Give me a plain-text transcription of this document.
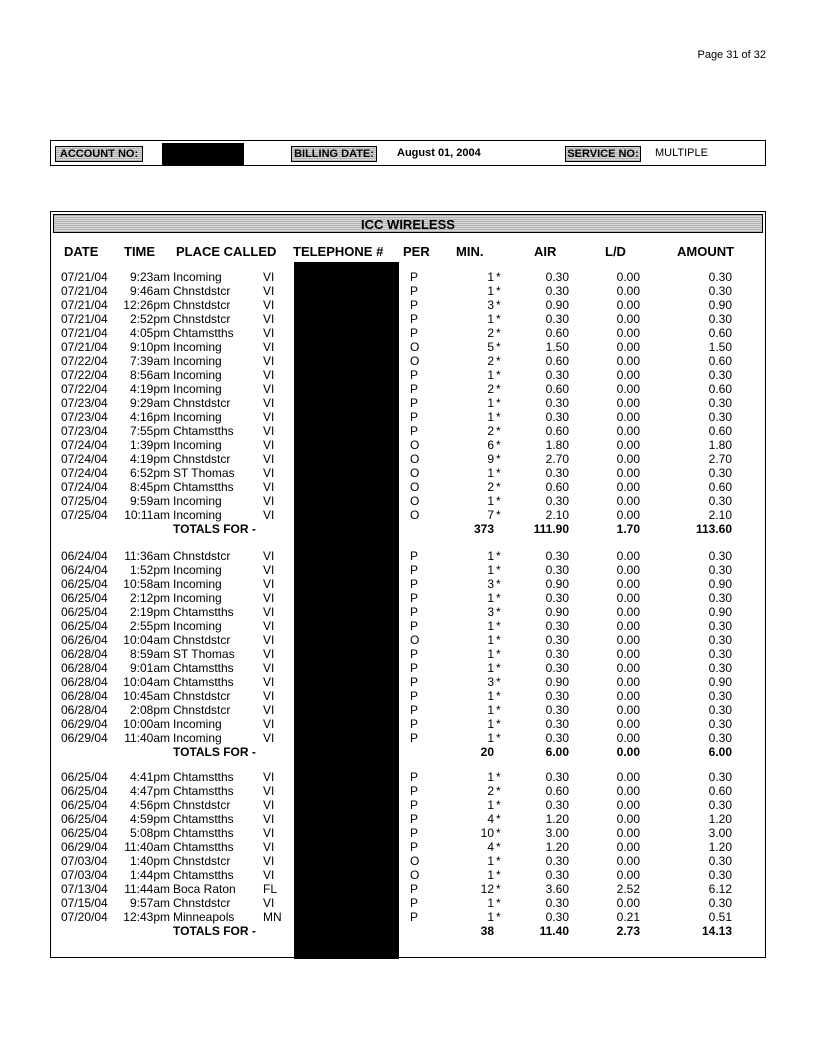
Page 31 of 32
ACCOUNT NO:	BILLING DATE: August 01, 2004	SERVICE NO: MULTIPLE
ICC WIRELESS
DATE TIME PLACE CALLED TELEPHONE # PER MIN.	AIR	L/D	AMOUNT
07/21/04 9:23am Incoming	VI	P	1 *	0.30	0.00	0.30
07/21/04 9:46am Chnstdstcr	VI	P	1 *	0.30	0.00	0.30
07/21/04 12:26pm Chnstdstcr	VI	P	3 *	0.90	0.00	0.90
07/21/04 2:52pm Chnstdstcr	VI	P	1 *	0.30	0.00	0.30
07/21/04 4:05pm Chtamstths VI	P	2 *	0.60	0.00	0.60
07/21/04 9:10pm Incoming	VI	O	5 *	1.50	0.00	1.50
07/22/04 7:39am Incoming	VI	O	2 *	0.60	0.00	0.60
07/22/04 8:56am Incoming	VI	P	1 *	0.30	0.00	0.30
07/22/04 4:19pm Incoming	VI	P	2 *	0.60	0.00	0.60
07/23/04 9:29am Chnstdstcr	VI	P	1 *	0.30	0.00	0.30
07/23/04 4:16pm Incoming	VI	P	1 *	0.30	0.00	0.30
07/23/04 7:55pm Chtamstths VI	P	2 *	0.60	0.00	0.60
07/24/04 1:39pm Incoming	VI	O	6 *	1.80	0.00	1.80
07/24/04 4:19pm Chnstdstcr	VI	O	9 *	2.70	0.00	2.70
07/24/04 6:52pm ST Thomas VI	O	1 *	0.30	0.00	0.30
07/24/04 8:45pm Chtamstths VI	O	2 *	0.60	0.00	0.60
07/25/04 9:59am Incoming	VI	O	1 *	0.30	0.00	0.30
07/25/04 10:11am Incoming	VI	O	7 *	2.10	0.00	2.10
TOTALS FOR -	373	111.90	1.70	113.60
06/24/04 11:36am Chnstdstcr	VI	P	1 *	0.30	0.00	0.30
06/24/04 1:52pm Incoming	VI	P	1 *	0.30	0.00	0.30
06/25/04 10:58am Incoming	VI	P	3 *	0.90	0.00	0.90
06/25/04 2:12pm Incoming	VI	P	1 *	0.30	0.00	0.30
06/25/04 2:19pm Chtamstths VI	P	3 *	0.90	0.00	0.90
06/25/04 2:55pm Incoming	VI	P	1 *	0.30	0.00	0.30
06/26/04 10:04am Chnstdstcr	VI	O	1 *	0.30	0.00	0.30
06/28/04 8:59am ST Thomas VI	P	1 *	0.30	0.00	0.30
06/28/04 9:01am Chtamstths VI	P	1 *	0.30	0.00	0.30
06/28/04 10:04am Chtamstths VI	P	3 *	0.90	0.00	0.90
06/28/04 10:45am Chnstdstcr	VI	P	1 *	0.30	0.00	0.30
06/28/04 2:08pm Chnstdstcr	VI	P	1 *	0.30	0.00	0.30
06/29/04 10:00am Incoming	VI	P	1 *	0.30	0.00	0.30
06/29/04 11:40am Incoming	VI	P	1 *	0.30	0.00	0.30
TOTALS FOR -	20	6.00	0.00	6.00
06/25/04 4:41pm Chtamstths VI	P	1 *	0.30	0.00	0.30
06/25/04 4:47pm Chtamstths VI	P	2 *	0.60	0.00	0.60
06/25/04 4:56pm Chnstdstcr	VI	P	1 *	0.30	0.00	0.30
06/25/04 4:59pm Chtamstths VI	P	4 *	1.20	0.00	1.20
06/25/04 5:08pm Chtamstths VI	P	10 *	3.00	0.00	3.00
06/29/04 11:40am Chtamstths VI	P	4 *	1.20	0.00	1.20
07/03/04 1:40pm Chnstdstcr	VI	O	1 *	0.30	0.00	0.30
07/03/04 1:44pm Chtamstths VI	O	1 *	0.30	0.00	0.30
07/13/04 11:44am Boca Raton FL	P	12 *	3.60	2.52	6.12
07/15/04 9:57am Chnstdstcr	VI	P	1 *	0.30	0.00	0.30
07/20/04 12:43pm Minneapols MN	P	1 *	0.30	0.21	0.51
TOTALS FOR -	38	11.40	2.73	14.13
